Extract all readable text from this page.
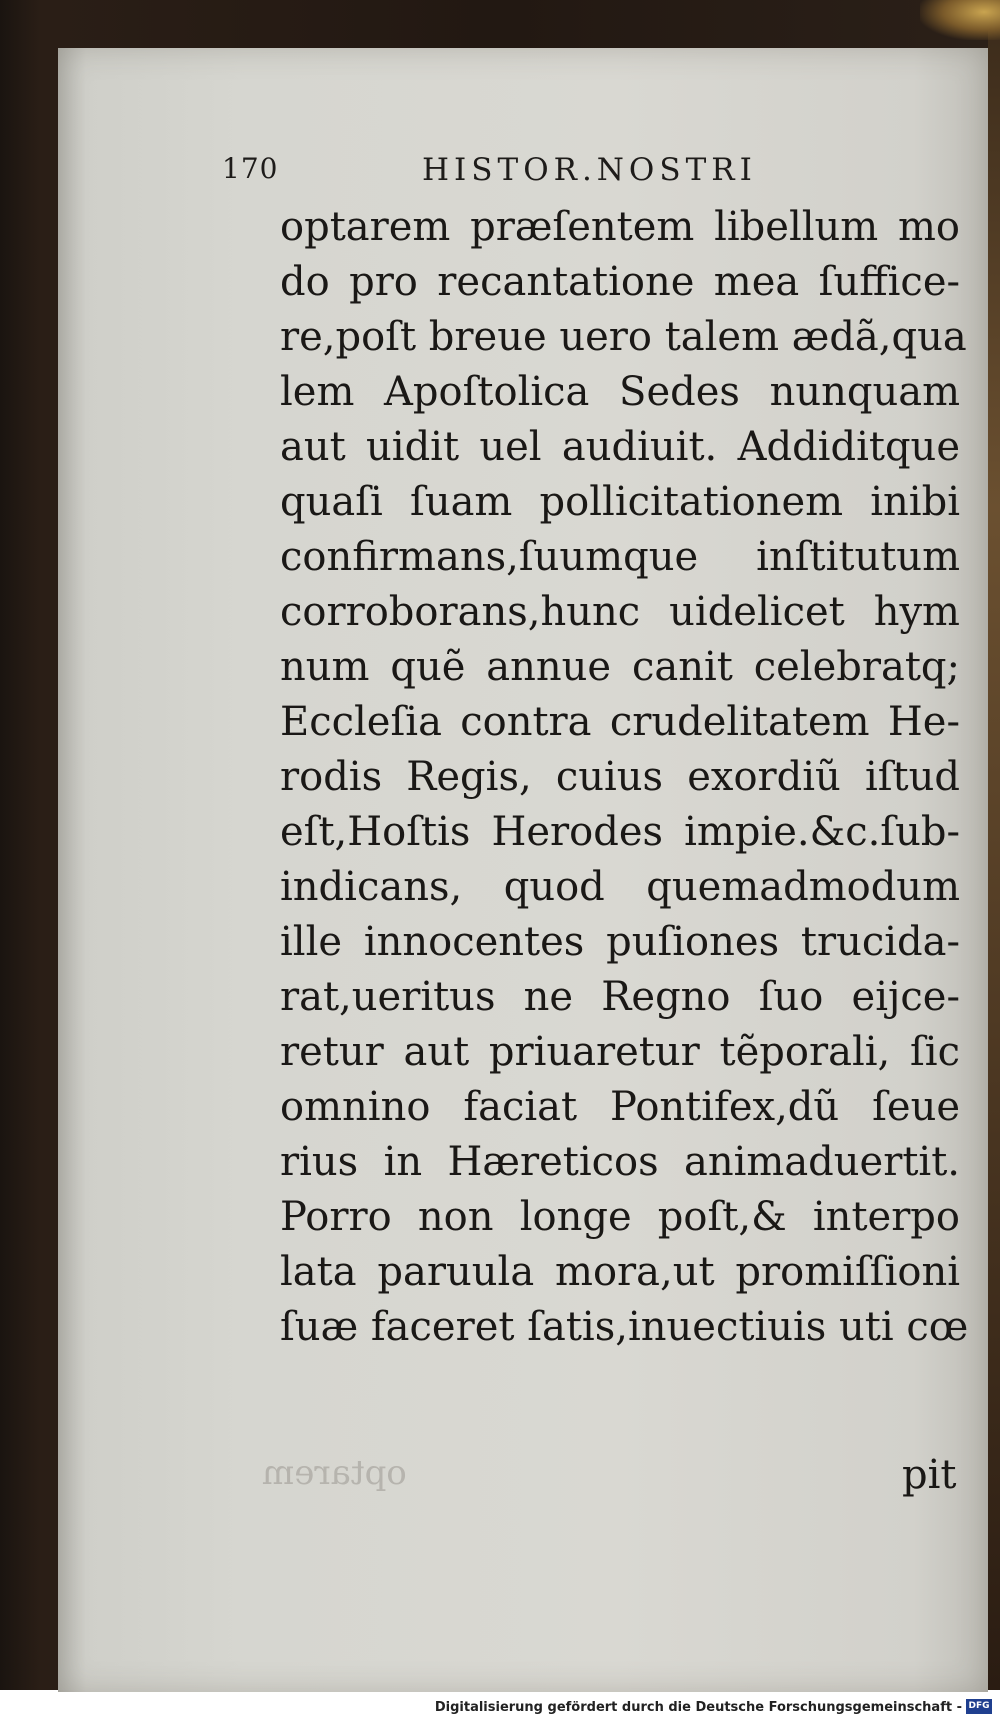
170	HISTOR.NOSTRI
optarem
optarem præſentem libellum mo
do pro recantatione mea ſuffice-
re,poſt breue uero talem ædã,qua
lem Apoſtolica Sedes nunquam
aut uidit uel audiuit. Addiditque
quaſi ſuam pollicitationem inibi
confirmans,ſuumque inſtitutum
corroborans,hunc uidelicet hym
num quẽ annue canit celebratq;
Eccleſia contra crudelitatem He-
rodis Regis, cuius exordiũ iſtud
eſt,Hoſtis Herodes impie.&c.ſub-
indicans, quod quemadmodum
ille innocentes puſiones trucida-
rat,ueritus ne Regno ſuo eijce-
retur aut priuaretur tẽporali, ſic
omnino faciat Pontifex,dũ ſeue
rius in Hæreticos animaduertit.
Porro non longe poſt,& interpo
lata paruula mora,ut promiſſioni
ſuæ faceret ſatis,inuectiuis uti cœ
pit
Digitalisierung gefördert durch die Deutsche Forschungsgemeinschaft - DFG
